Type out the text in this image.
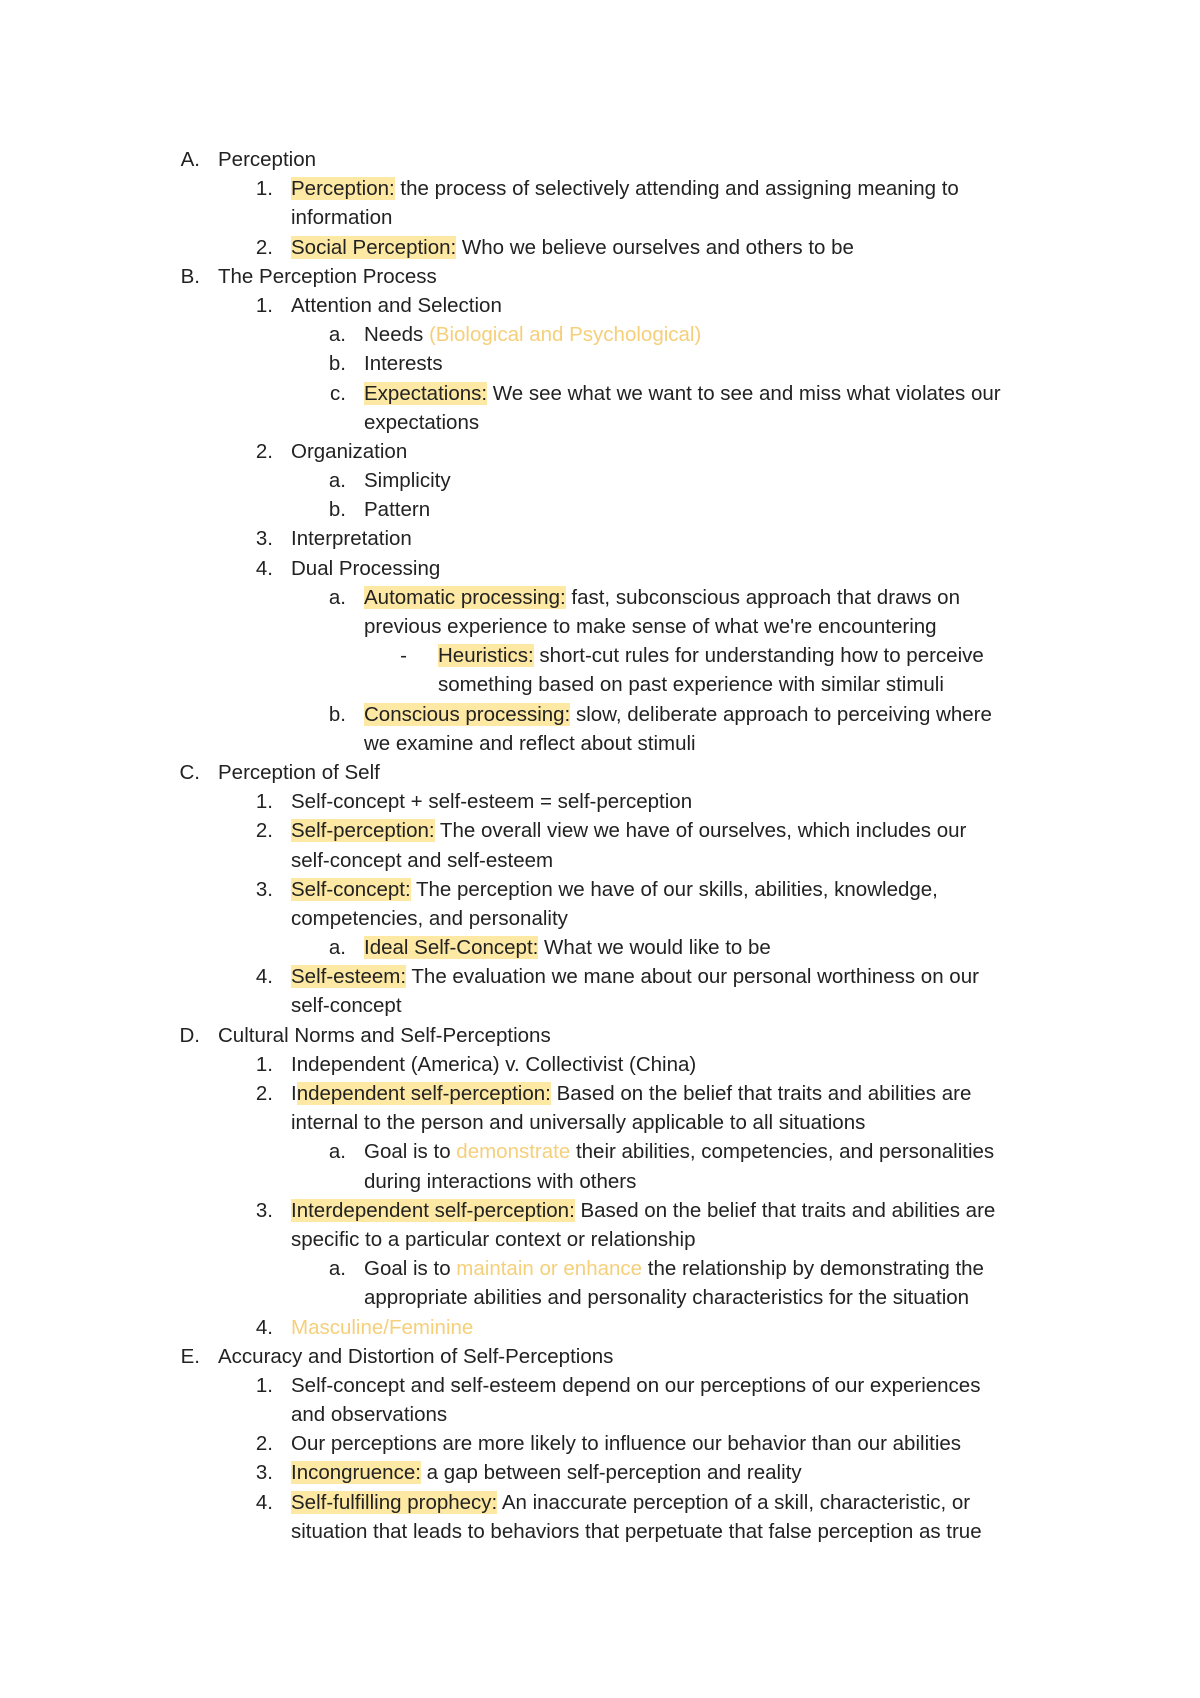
A. Perception
1. Perception: the process of selectively attending and assigning meaning to
information
2. Social Perception: Who we believe ourselves and others to be
B. The Perception Process
1. Attention and Selection
a. Needs (Biological and Psychological)
b. Interests
c. Expectations: We see what we want to see and miss what violates our
expectations
2. Organization
a. Simplicity
b. Pattern
3. Interpretation
4. Dual Processing
a. Automatic processing: fast, subconscious approach that draws on
previous experience to make sense of what we're encountering
- Heuristics: short-cut rules for understanding how to perceive
something based on past experience with similar stimuli
b. Conscious processing: slow, deliberate approach to perceiving where
we examine and reflect about stimuli
C. Perception of Self
1. Self-concept + self-esteem = self-perception
2. Self-perception: The overall view we have of ourselves, which includes our
self-concept and self-esteem
3. Self-concept: The perception we have of our skills, abilities, knowledge,
competencies, and personality
a. Ideal Self-Concept: What we would like to be
4. Self-esteem: The evaluation we mane about our personal worthiness on our
self-concept
D. Cultural Norms and Self-Perceptions
1. Independent (America) v. Collectivist (China)
2. Independent self-perception: Based on the belief that traits and abilities are
internal to the person and universally applicable to all situations
a. Goal is to demonstrate their abilities, competencies, and personalities
during interactions with others
3. Interdependent self-perception: Based on the belief that traits and abilities are
specific to a particular context or relationship
a. Goal is to maintain or enhance the relationship by demonstrating the
appropriate abilities and personality characteristics for the situation
4. Masculine/Feminine
E. Accuracy and Distortion of Self-Perceptions
1. Self-concept and self-esteem depend on our perceptions of our experiences
and observations
2. Our perceptions are more likely to influence our behavior than our abilities
3. Incongruence: a gap between self-perception and reality
4. Self-fulfilling prophecy: An inaccurate perception of a skill, characteristic, or
situation that leads to behaviors that perpetuate that false perception as true
